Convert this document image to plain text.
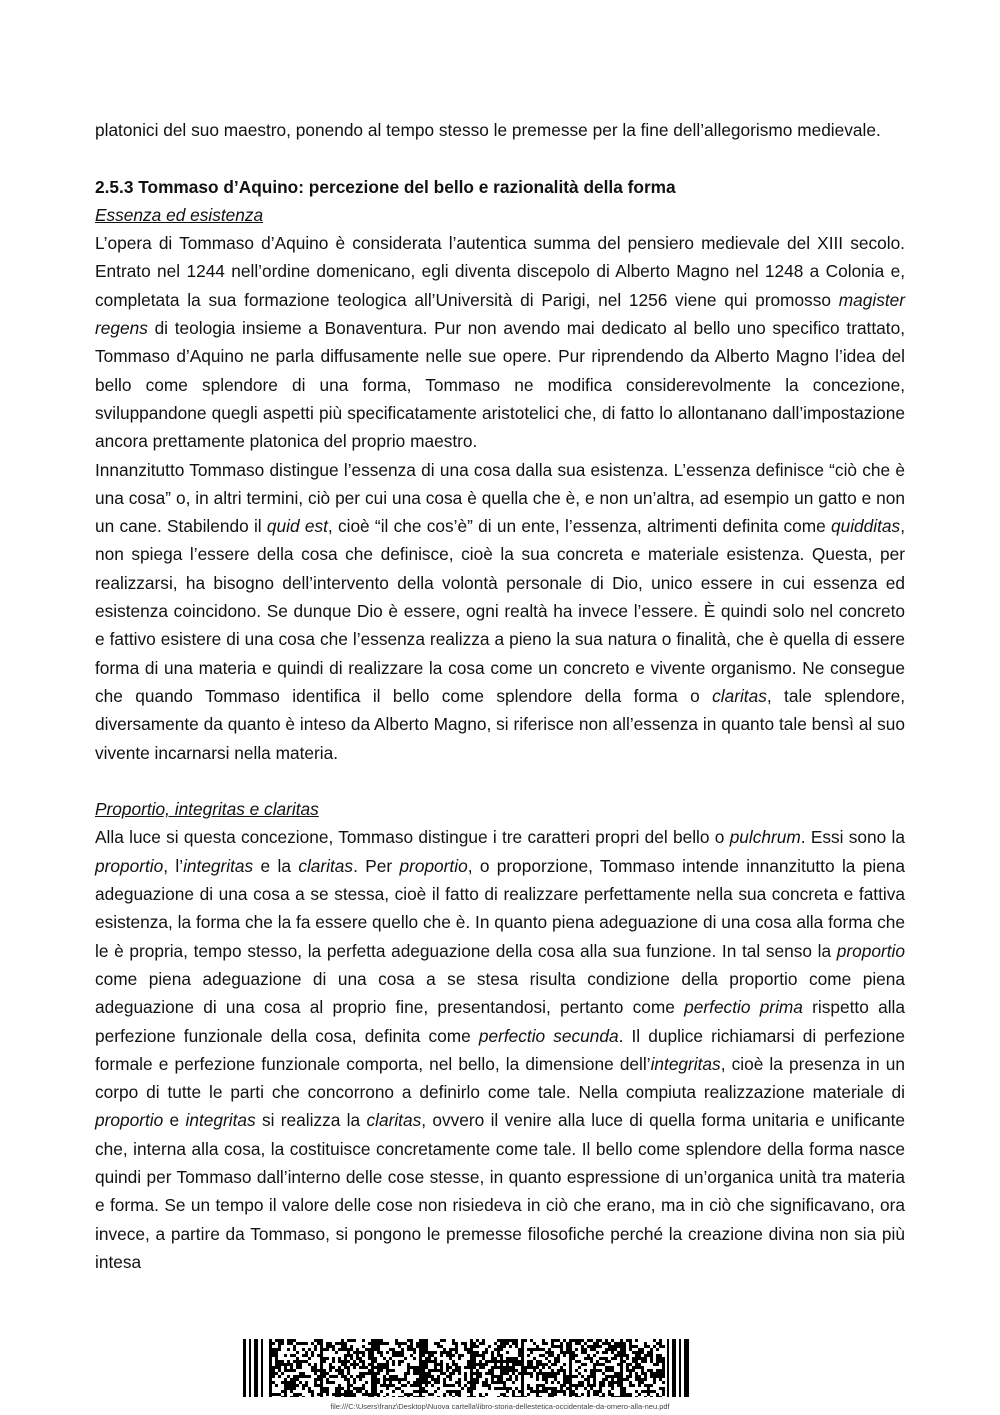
platonici del suo maestro, ponendo al tempo stesso le premesse per la fine dell’allegorismo medievale.

2.5.3 Tommaso d’Aquino: percezione del bello e razionalità della forma

Essenza ed esistenza

L’opera di Tommaso d’Aquino è considerata l’autentica summa del pensiero medievale del XIII secolo. Entrato nel 1244 nell’ordine domenicano, egli diventa discepolo di Alberto Magno nel 1248 a Colonia e, completata la sua formazione teologica all’Università di Parigi, nel 1256 viene qui promosso magister regens di teologia insieme a Bonaventura. Pur non avendo mai dedicato al bello uno specifico trattato, Tommaso d’Aquino ne parla diffusamente nelle sue opere. Pur riprendendo da Alberto Magno l’idea del bello come splendore di una forma, Tommaso ne modifica considerevolmente la concezione, sviluppandone quegli aspetti più specificatamente aristotelici che, di fatto lo allontanano dall’impostazione ancora prettamente platonica del proprio maestro.

Innanzitutto Tommaso distingue l’essenza di una cosa dalla sua esistenza. L’essenza definisce “ciò che è una cosa” o, in altri termini, ciò per cui una cosa è quella che è, e non un’altra, ad esempio un gatto e non un cane. Stabilendo il quid est, cioè “il che cos’è” di un ente, l’essenza, altrimenti definita come quidditas, non spiega l’essere della cosa che definisce, cioè la sua concreta e materiale esistenza. Questa, per realizzarsi, ha bisogno dell’intervento della volontà personale di Dio, unico essere in cui essenza ed esistenza coincidono. Se dunque Dio è essere, ogni realtà ha invece l’essere. È quindi solo nel concreto e fattivo esistere di una cosa che l’essenza realizza a pieno la sua natura o finalità, che è quella di essere forma di una materia e quindi di realizzare la cosa come un concreto e vivente organismo. Ne consegue che quando Tommaso identifica il bello come splendore della forma o claritas, tale splendore, diversamente da quanto è inteso da Alberto Magno, si riferisce non all’essenza in quanto tale bensì al suo vivente incarnarsi nella materia.

Proportio, integritas e claritas

Alla luce si questa concezione, Tommaso distingue i tre caratteri propri del bello o pulchrum. Essi sono la proportio, l’integritas e la claritas. Per proportio, o proporzione, Tommaso intende innanzitutto la piena adeguazione di una cosa a se stessa, cioè il fatto di realizzare perfettamente nella sua concreta e fattiva esistenza, la forma che la fa essere quello che è. In quanto piena adeguazione di una cosa alla forma che le è propria, tempo stesso, la perfetta adeguazione della cosa alla sua funzione. In tal senso la proportio come piena adeguazione di una cosa a se stesa risulta condizione della proportio come piena adeguazione di una cosa al proprio fine, presentandosi, pertanto come perfectio prima rispetto alla perfezione funzionale della cosa, definita come perfectio secunda. Il duplice richiamarsi di perfezione formale e perfezione funzionale comporta, nel bello, la dimensione dell’integritas, cioè la presenza in un corpo di tutte le parti che concorrono a definirlo come tale. Nella compiuta realizzazione materiale di proportio e integritas si realizza la claritas, ovvero il venire alla luce di quella forma unitaria e unificante che, interna alla cosa, la costituisce concretamente come tale. Il bello come splendore della forma nasce quindi per Tommaso dall’interno delle cose stesse, in quanto espressione di un’organica unità tra materia e forma. Se un tempo il valore delle cose non risiedeva in ciò che erano, ma in ciò che significavano, ora invece, a partire da Tommaso, si pongono le premesse filosofiche perché la creazione divina non sia più intesa

file:///C:\Users\franz\Desktop\Nuova cartella\libro-storia-dellestetica-occidentale-da-omero-alla-neu.pdf
